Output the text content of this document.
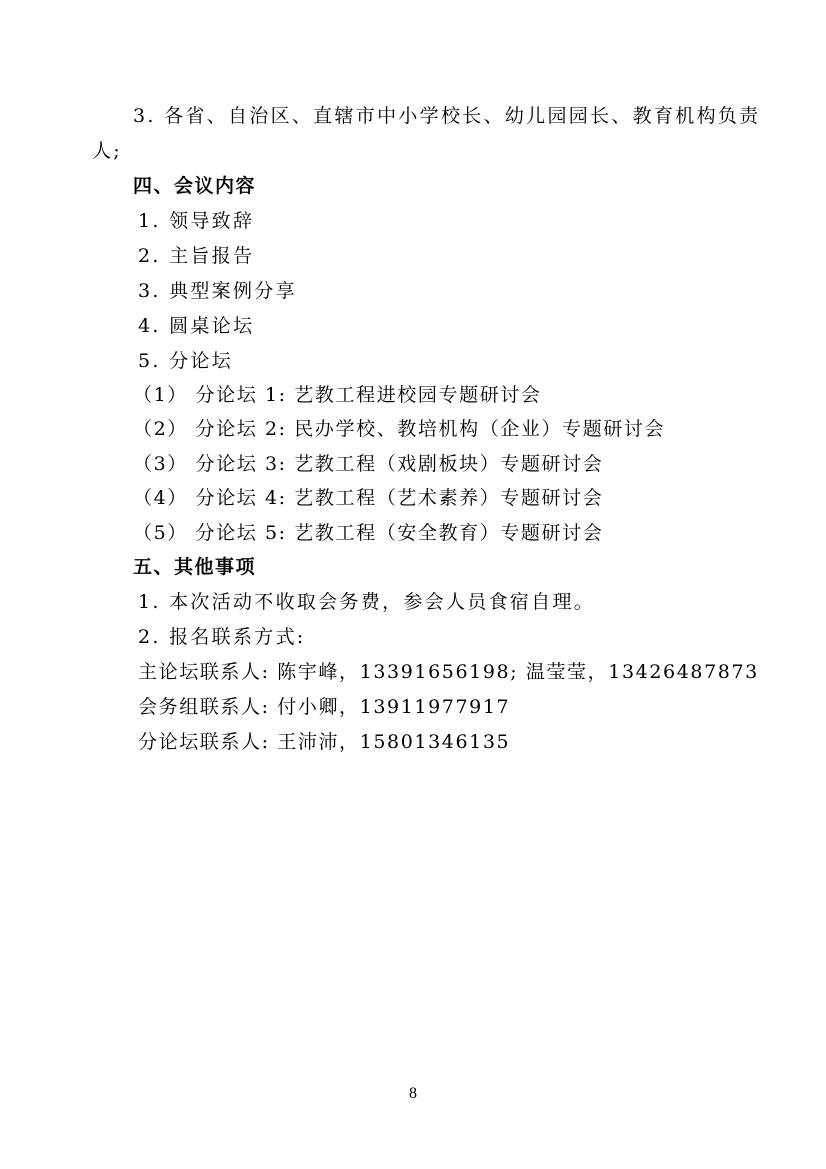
3. 各省、自治区、直辖市中小学校长、幼儿园园长、教育机构负责

人;

四、会议内容

1. 领导致辞

2. 主旨报告

3. 典型案例分享

4. 圆桌论坛

5. 分论坛

（1） 分论坛 1: 艺教工程进校园专题研讨会

（2） 分论坛 2: 民办学校、教培机构（企业）专题研讨会

（3） 分论坛 3: 艺教工程（戏剧板块）专题研讨会

（4） 分论坛 4: 艺教工程（艺术素养）专题研讨会

（5） 分论坛 5: 艺教工程（安全教育）专题研讨会

五、其他事项

1. 本次活动不收取会务费，参会人员食宿自理。

2. 报名联系方式:

主论坛联系人: 陈宇峰，13391656198; 温莹莹，13426487873

会务组联系人: 付小卿，13911977917

分论坛联系人: 王沛沛，15801346135

8
